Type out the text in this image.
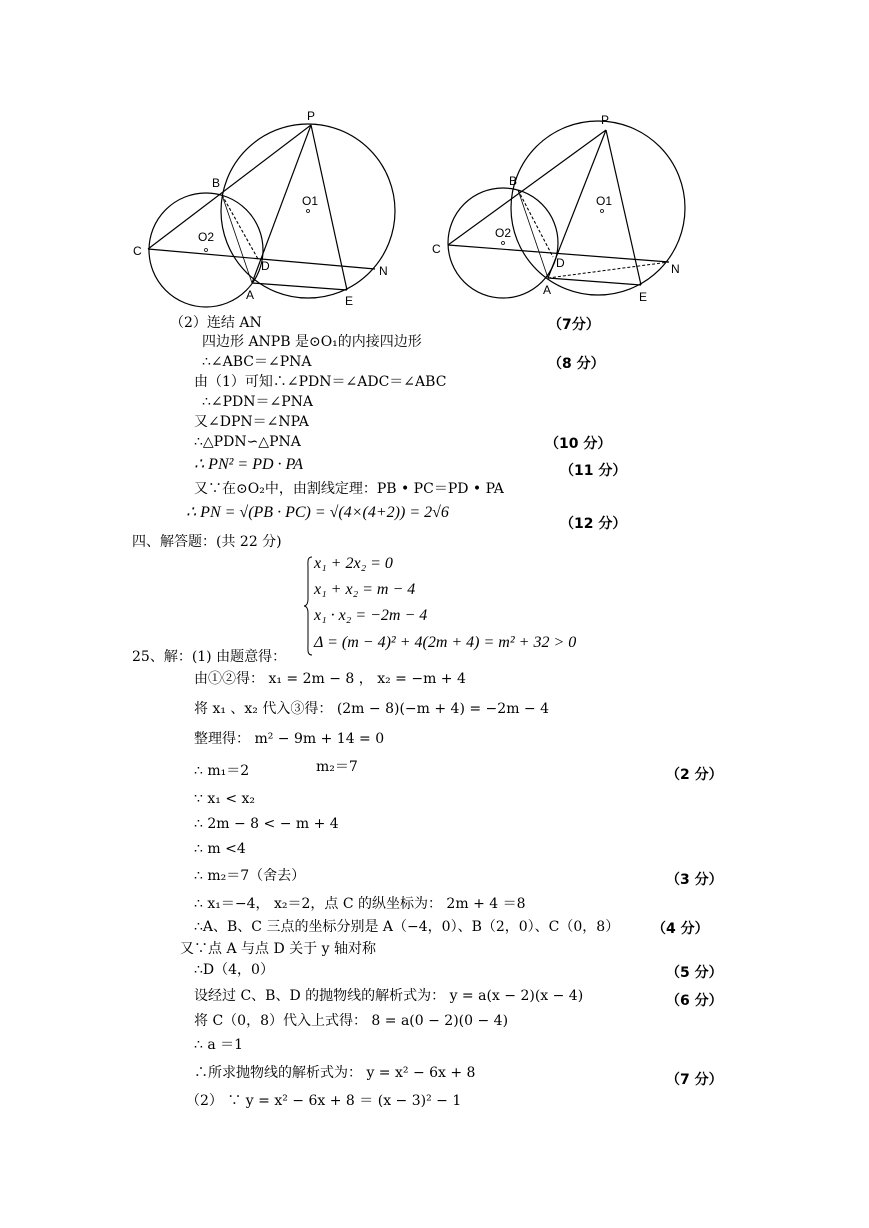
P
B
O1
O2
C
D	N
A	E
P
B
O1
O2
C
D	N
A	E
（2）连结 AN	（7分）
四边形 ANPB 是⊙O₁的内接四边形
∴∠ABC＝∠PNA	（8 分）
由（1）可知∴∠PDN＝∠ADC＝∠ABC
∴∠PDN＝∠PNA
又∠DPN＝∠NPA
∴△PDN∽△PNA	（10 分）
∴ PN² = PD · PA	（11 分）
又∵在⊙O₂中，由割线定理：PB • PC＝PD • PA
∴ PN = √(PB · PC) = √(4×(4+2)) = 2√6
（12 分）
四、解答题：(共 22 分)
x₁ + 2x₂ = 0
x₁ + x₂ = m − 4
x₁ · x₂ = −2m − 4
Δ = (m − 4)² + 4(2m + 4) = m² + 32 > 0
25、解：(1) 由题意得：
由①②得： x₁ = 2m − 8 ， x₂ = −m + 4
将 x₁ 、x₂ 代入③得： (2m − 8)(−m + 4) = −2m − 4
整理得： m² − 9m + 14 = 0
∴ m₁＝2	m₂＝7	（2 分）
∵ x₁ < x₂
∴ 2m − 8 < − m + 4
∴ m <4
∴ m₂＝7（舍去）	（3 分）
∴ x₁＝−4， x₂＝2，点 C 的纵坐标为： 2m + 4 ＝8
∴A、B、C 三点的坐标分别是 A（−4，0）、B（2，0）、C（0，8） （4 分）
又∵点 A 与点 D 关于 y 轴对称
∴D（4，0）	（5 分）
设经过 C、B、D 的抛物线的解析式为： y = a(x − 2)(x − 4)	（6 分）
将 C（0，8）代入上式得： 8 = a(0 − 2)(0 − 4)
∴ a ＝1
∴所求抛物线的解析式为： y = x² − 6x + 8	（7 分）
（2） ∵ y = x² − 6x + 8 ＝ (x − 3)² − 1
